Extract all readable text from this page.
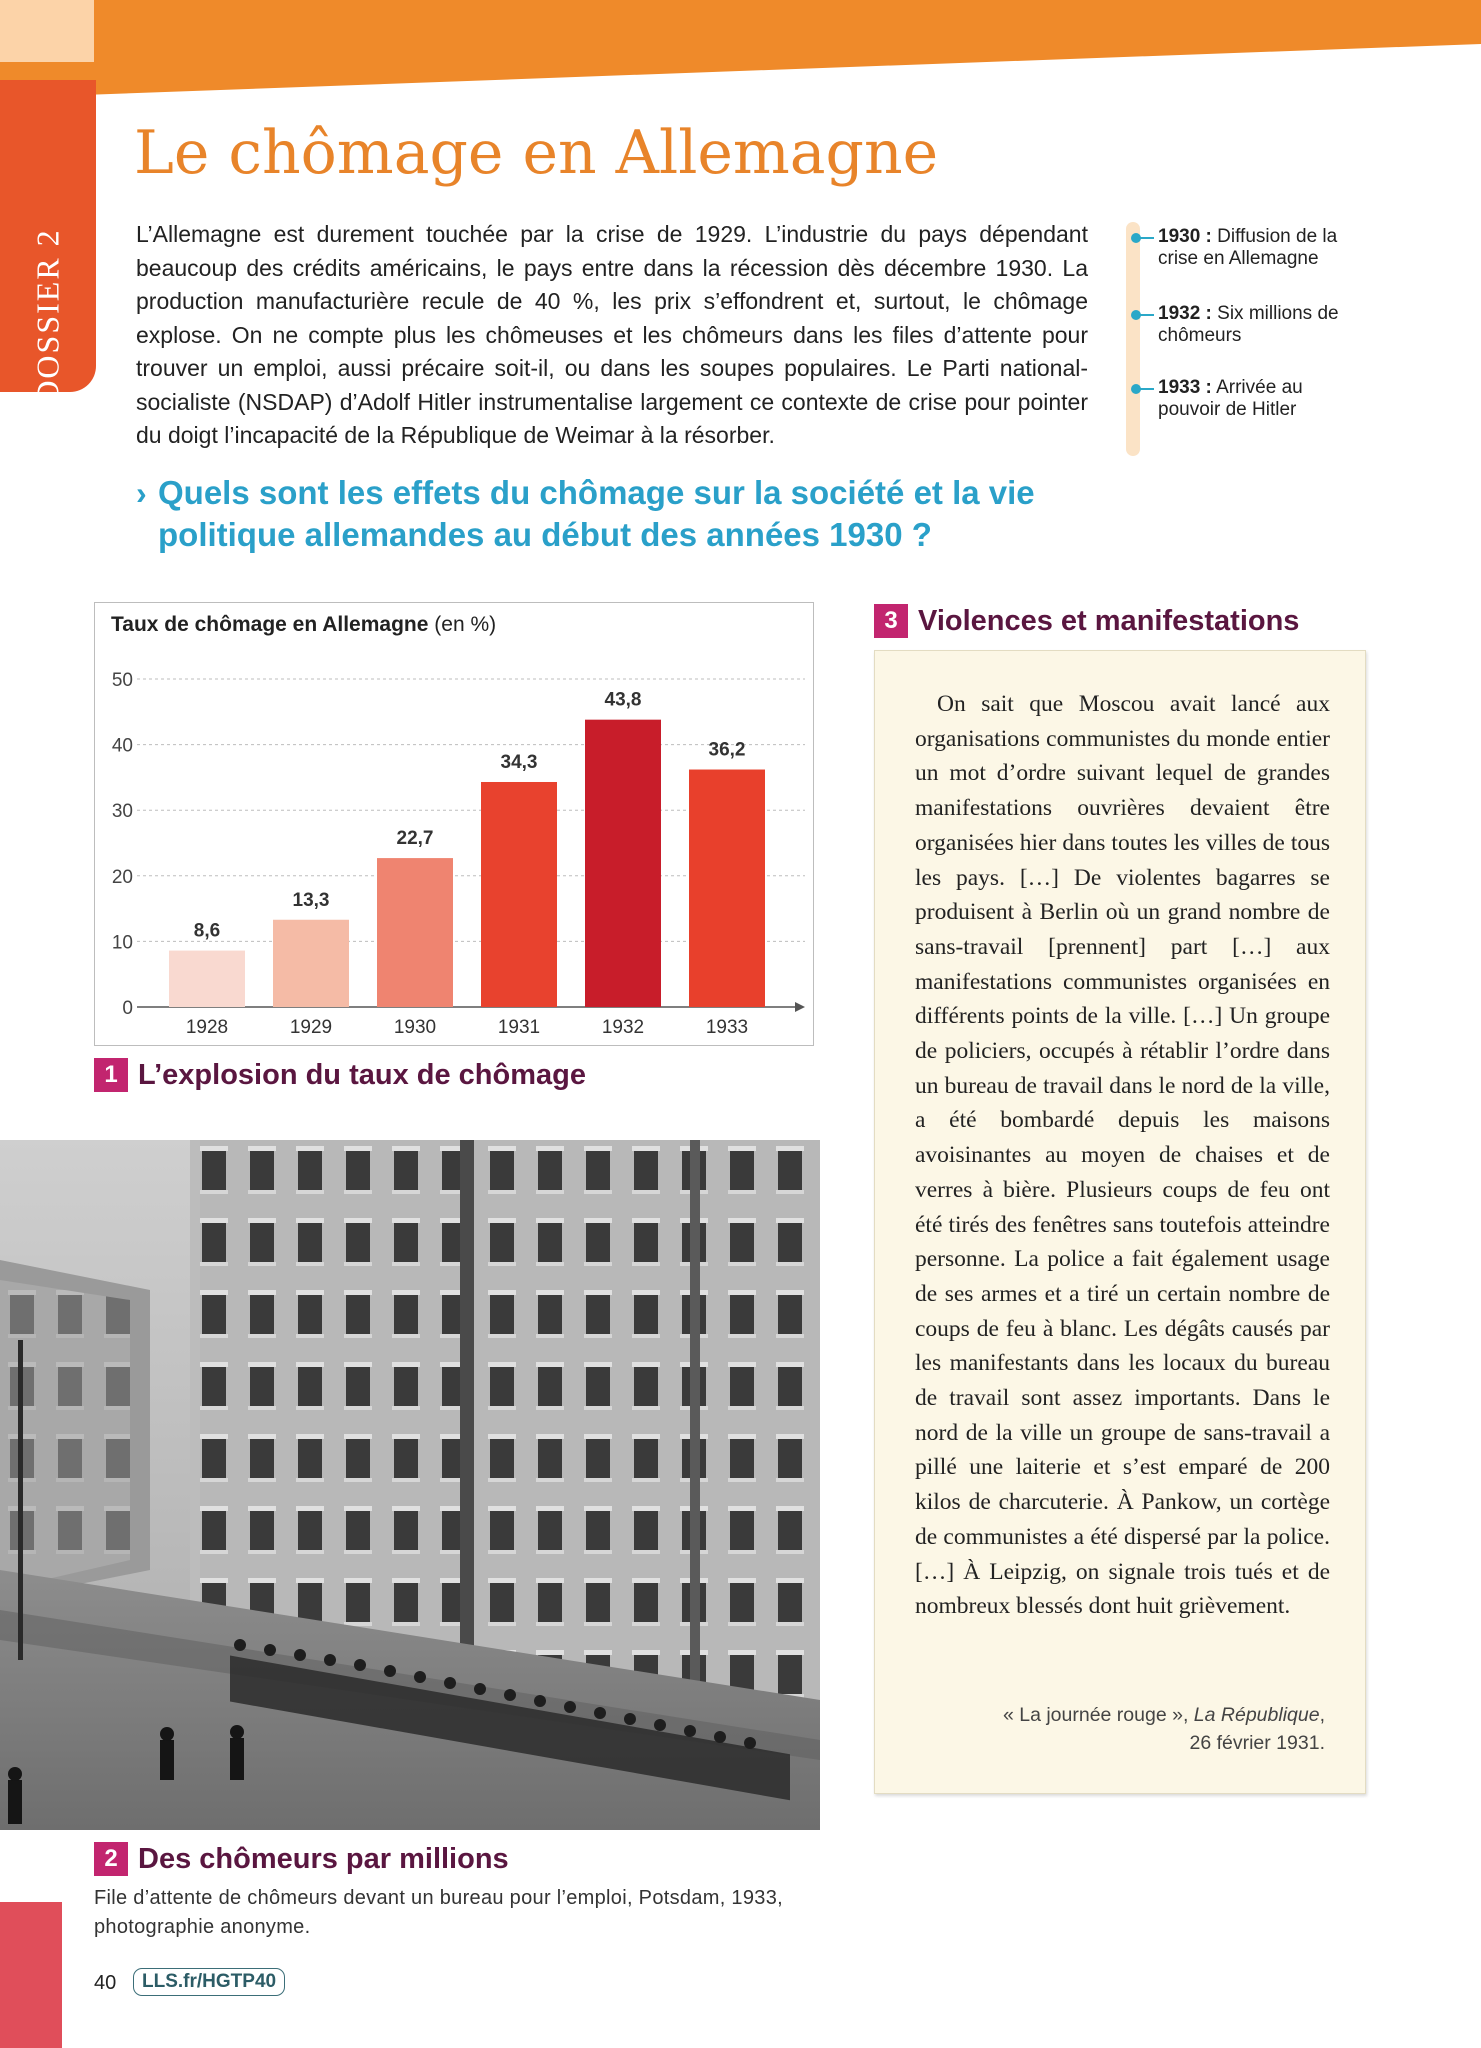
DOSSIER 2
Le chômage en Allemagne

L’Allemagne est durement touchée par la crise de 1929. L’industrie du pays dépendant beaucoup des crédits américains, le pays entre dans la récession dès décembre 1930. La production manufacturière recule de 40 %, les prix s’effondrent et, surtout, le chômage explose. On ne compte plus les chômeuses et les chômeurs dans les files d’attente pour trouver un emploi, aussi précaire soit-il, ou dans les soupes populaires. Le Parti national-socialiste (NSDAP) d’Adolf Hitler instrumentalise largement ce contexte de crise pour pointer du doigt l’incapacité de la République de Weimar à la résorber.

1930 : Diffusion de la crise en Allemagne
1932 : Six millions de chômeurs
1933 : Arrivée au pouvoir de Hitler
› Quels sont les effets du chômage sur la société et la vie politique allemandes au début des années 1930 ?
0
10
20
30
40
50
8,6
1928
13,3
1929
22,7
1930
34,3
1931
43,8
1932
36,2
1933
Taux de chômage en Allemagne (en %)
1 L’explosion du taux de chômage
2 Des chômeurs par millions
File d’attente de chômeurs devant un bureau pour l’emploi, Potsdam, 1933, photographie anonyme.
3 Violences et manifestations

On sait que Moscou avait lancé aux organisations communistes du monde entier un mot d’ordre suivant lequel de grandes manifestations ouvrières devaient être organisées hier dans toutes les villes de tous les pays. […] De violentes bagarres se produisent à Berlin où un grand nombre de sans-travail [prennent] part […] aux manifestations communistes organisées en différents points de la ville. […] Un groupe de policiers, occupés à rétablir l’ordre dans un bureau de travail dans le nord de la ville, a été bombardé depuis les maisons avoisinantes au moyen de chaises et de verres à bière. Plusieurs coups de feu ont été tirés des fenêtres sans toutefois atteindre personne. La police a fait également usage de ses armes et a tiré un certain nombre de coups de feu à blanc. Les dégâts causés par les manifestants dans les locaux du bureau de travail sont assez importants. Dans le nord de la ville un groupe de sans-travail a pillé une laiterie et s’est emparé de 200 kilos de charcuterie. À Pankow, un cortège de communistes a été dispersé par la police. […] À Leipzig, on signale trois tués et de nombreux blessés dont huit grièvement.

« La journée rouge », La République,
26 février 1931.
40	LLS.fr/HGTP40
